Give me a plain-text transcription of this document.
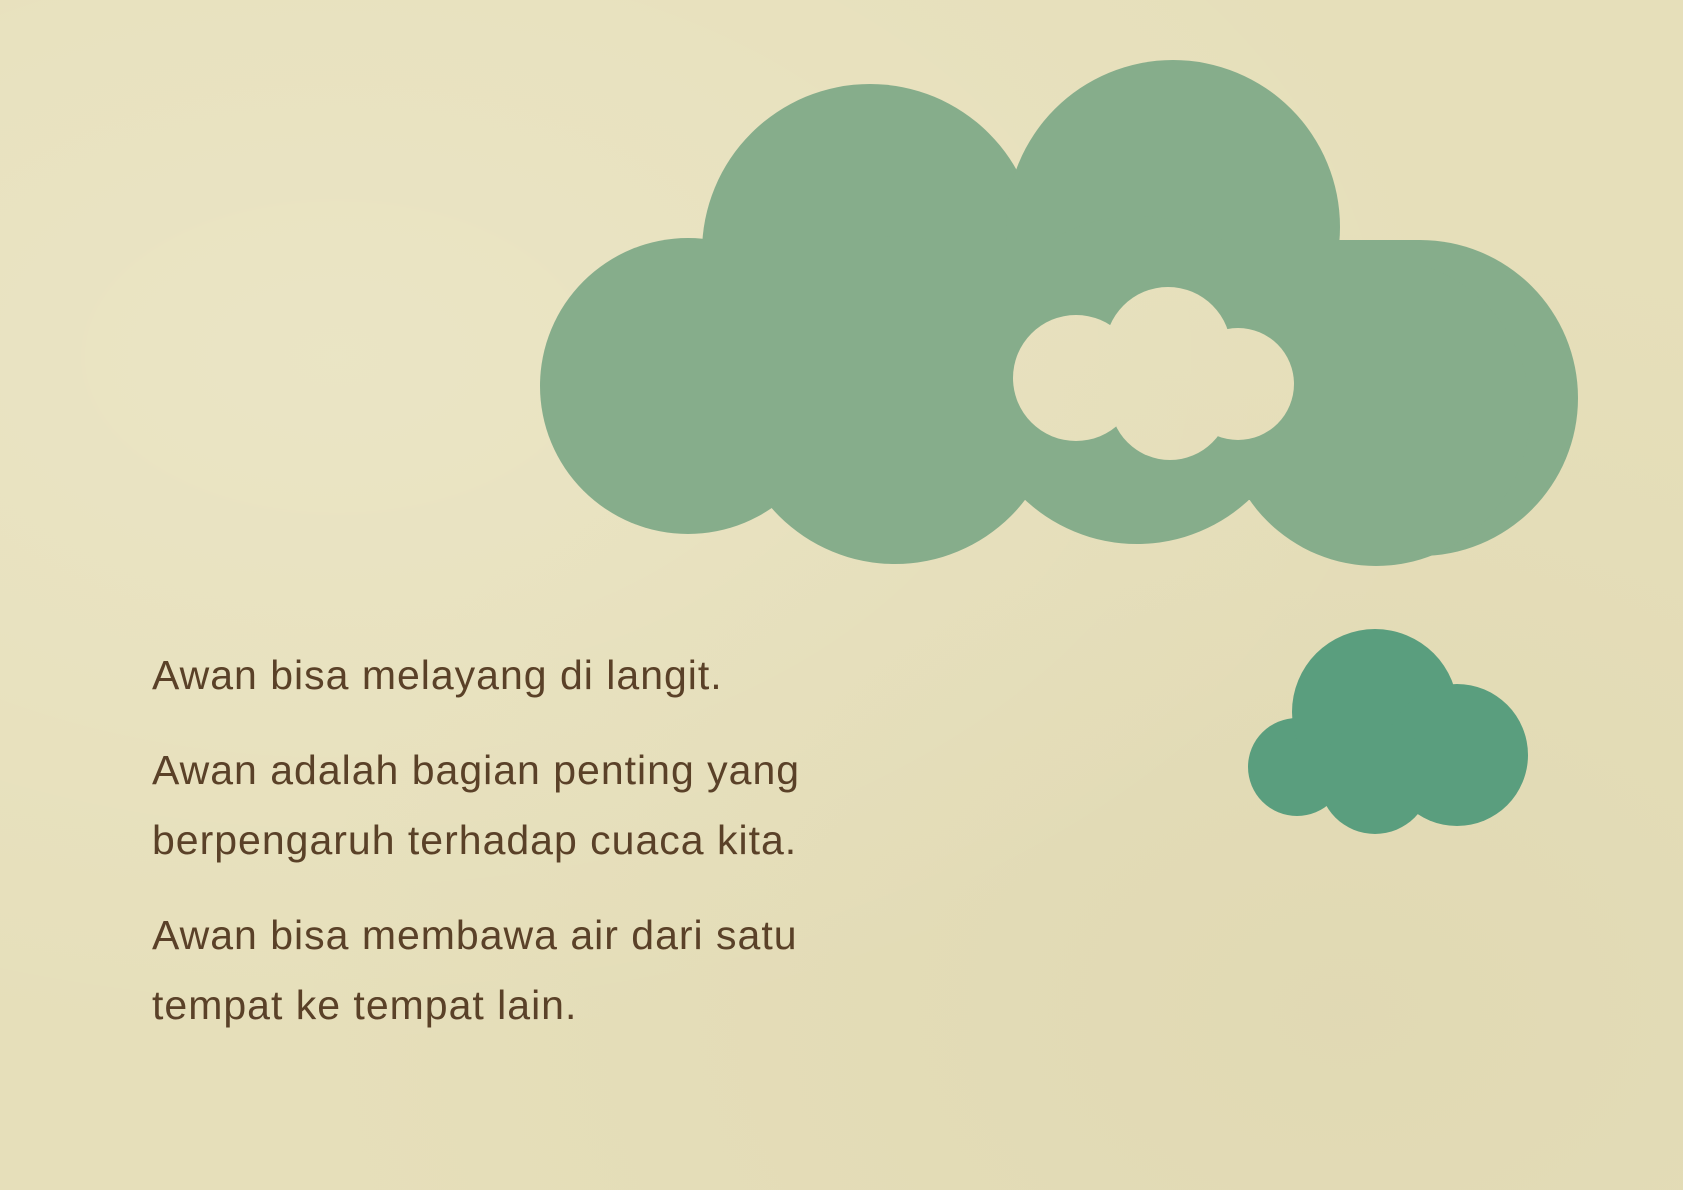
Awan bisa melayang di langit.

Awan adalah bagian penting yang berpengaruh terhadap cuaca kita.

Awan bisa membawa air dari satu tempat ke tempat lain.
